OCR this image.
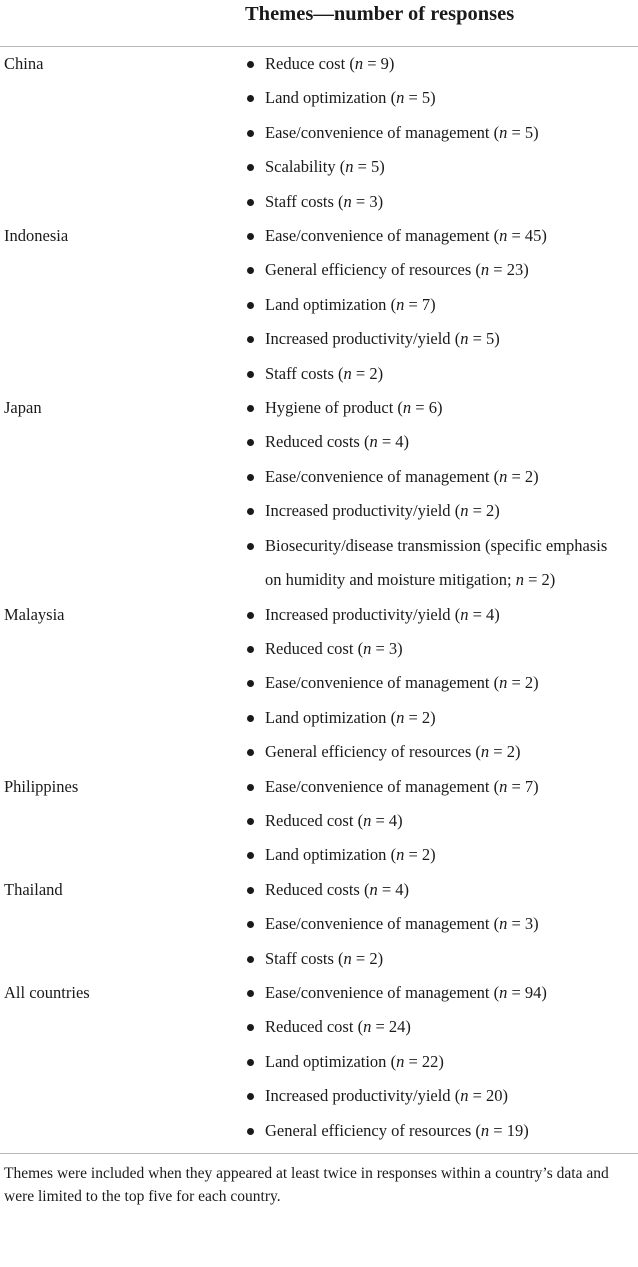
Themes—number of responses
China	Reduce cost (n = 9)
Land optimization (n = 5)
Ease/convenience of management (n = 5)
Scalability (n = 5)
Staff costs (n = 3)
Indonesia	Ease/convenience of management (n = 45)
General efficiency of resources (n = 23)
Land optimization (n = 7)
Increased productivity/yield (n = 5)
Staff costs (n = 2)
Japan	Hygiene of product (n = 6)
Reduced costs (n = 4)
Ease/convenience of management (n = 2)
Increased productivity/yield (n = 2)
Biosecurity/disease transmission (specific emphasis on humidity and moisture mitigation; n = 2)
Malaysia	Increased productivity/yield (n = 4)
Reduced cost (n = 3)
Ease/convenience of management (n = 2)
Land optimization (n = 2)
General efficiency of resources (n = 2)
Philippines	Ease/convenience of management (n = 7)
Reduced cost (n = 4)
Land optimization (n = 2)
Thailand	Reduced costs (n = 4)
Ease/convenience of management (n = 3)
Staff costs (n = 2)
All countries	Ease/convenience of management (n = 94)
Reduced cost (n = 24)
Land optimization (n = 22)
Increased productivity/yield (n = 20)
General efficiency of resources (n = 19)
Themes were included when they appeared at least twice in responses within a country’s data and were limited to the top five for each country.
